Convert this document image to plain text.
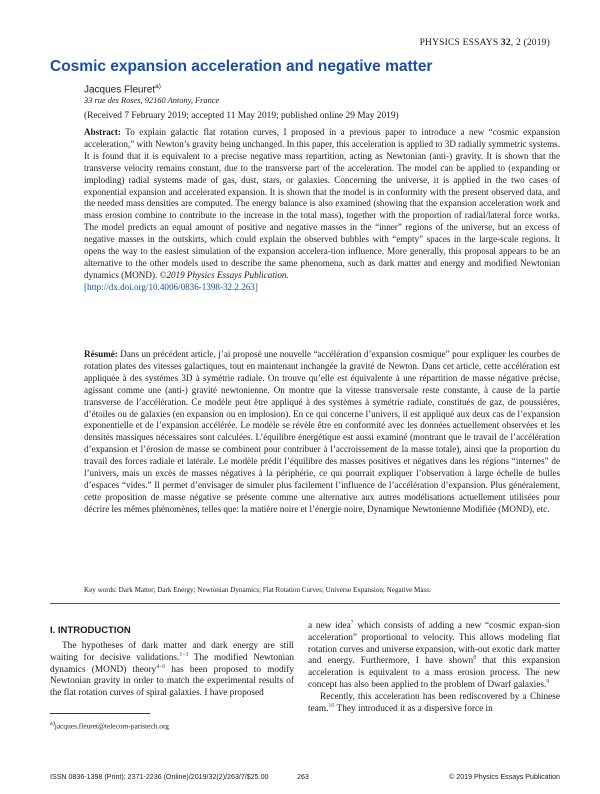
PHYSICS ESSAYS 32, 2 (2019)
Cosmic expansion acceleration and negative matter
Jacques Fleuret$^{a)}$
33 rue des Roses, 92160 Antony, France
(Received 7 February 2019; accepted 11 May 2019; published online 29 May 2019)
Abstract: To explain galactic flat rotation curves, I proposed in a previous paper to introduce a new “cosmic expansion acceleration,” with Newton’s gravity being unchanged. In this paper, this acceleration is applied to 3D radially symmetric systems. It is found that it is equivalent to a precise negative mass repartition, acting as Newtonian (anti-) gravity. It is shown that the transverse velocity remains constant, due to the transverse part of the acceleration. The model can be applied to (expanding or imploding) radial systems made of gas, dust, stars, or galaxies. Concerning the universe, it is applied in the two cases of exponential expansion and accelerated expansion. It is shown that the model is in conformity with the present observed data, and the needed mass densities are computed. The energy balance is also examined (showing that the expansion acceleration work and mass erosion combine to contribute to the increase in the total mass), together with the proportion of radial/lateral force works. The model predicts an equal amount of positive and negative masses in the “inner” regions of the universe, but an excess of negative masses in the outskirts, which could explain the observed bubbles with “empty” spaces in the large-scale regions. It opens the way to the easiest simulation of the expansion accelera-tion influence. More generally, this proposal appears to be an alternative to the other models used to describe the same phenomena, such as dark matter and energy and modified Newtonian dynamics (MOND). ©2019 Physics Essays Publication.
[http://dx.doi.org/10.4006/0836-1398-32.2.263]
Résumé: Dans un précédent article, j’ai proposé une nouvelle “accélération d’expansion cosmique” pour expliquer les courbes de rotation plates des vitesses galactiques, tout en maintenant inchangée la gravité de Newton. Dans cet article, cette accélération est appliquée à des systèmes 3D à symétrie radiale. On trouve qu’elle est équivalente à une répartition de masse négative précise, agissant comme une (anti-) gravité newtonienne. On montre que la vitesse transversale reste constante, à cause de la partie transverse de l’accélération. Ce modèle peut être appliqué à des systèmes à symétrie radiale, constitués de gaz, de poussières, d’étoiles ou de galaxies (en expansion ou en implosion). En ce qui concerne l’univers, il est appliqué aux deux cas de l’expansion exponentielle et de l’expansion accélérée. Le modèle se révèle être en conformité avec les données actuellement observées et les densités massiques nécessaires sont calculées. L’équilibre énergétique est aussi examiné (montrant que le travail de l’accélération d’expansion et l’érosion de masse se combinent pour contribuer à l’accroissement de la masse totale), ainsi que la proportion du travail des forces radiale et latérale. Le modèle prédit l’équilibre des masses positives et négatives dans les régions “internes” de l’univers, mais un excès de masses négatives à la périphérie, ce qui pourrait expliquer l’observation à large échelle de bulles d’espaces “vides.” Il permet d’envisager de simuler plus facilement l’influence de l’accélération d’expansion. Plus généralement, cette proposition de masse négative se présente comme une alternative aux autres modélisations actuellement utilisées pour décrire les mêmes phénomènes, telles que: la matière noire et l’énergie noire, Dynamique Newtonienne Modifiée (MOND), etc.
Key words: Dark Matter; Dark Energy; Newtonian Dynamics; Flat Rotation Curves; Universe Expansion; Negative Mass.
I. INTRODUCTION
The hypotheses of dark matter and dark energy are still waiting for decisive validations.$^{1-3}$ The modified Newtonian dynamics (MOND) theory$^{4-6}$ has been proposed to modify Newtonian gravity in order to match the experimental results of the flat rotation curves of spiral galaxies. I have proposed
a new idea$^7$ which consists of adding a new “cosmic expan-sion acceleration” proportional to velocity. This allows modeling flat rotation curves and universe expansion, with-out exotic dark matter and energy. Furthermore, I have shown$^8$ that this expansion acceleration is equivalent to a mass erosion process. The new concept has also been applied to the problem of Dwarf galaxies.$^9$
Recently, this acceleration has been rediscovered by a Chinese team.$^{10}$ They introduced it as a dispersive force in
$^{a)}$jacques.fleuret@telecom-paristech.org
ISSN 0836-1398 (Print); 2371-2236 (Online)/2019/32(2)/263/7/$25.00	263	© 2019 Physics Essays Publication
